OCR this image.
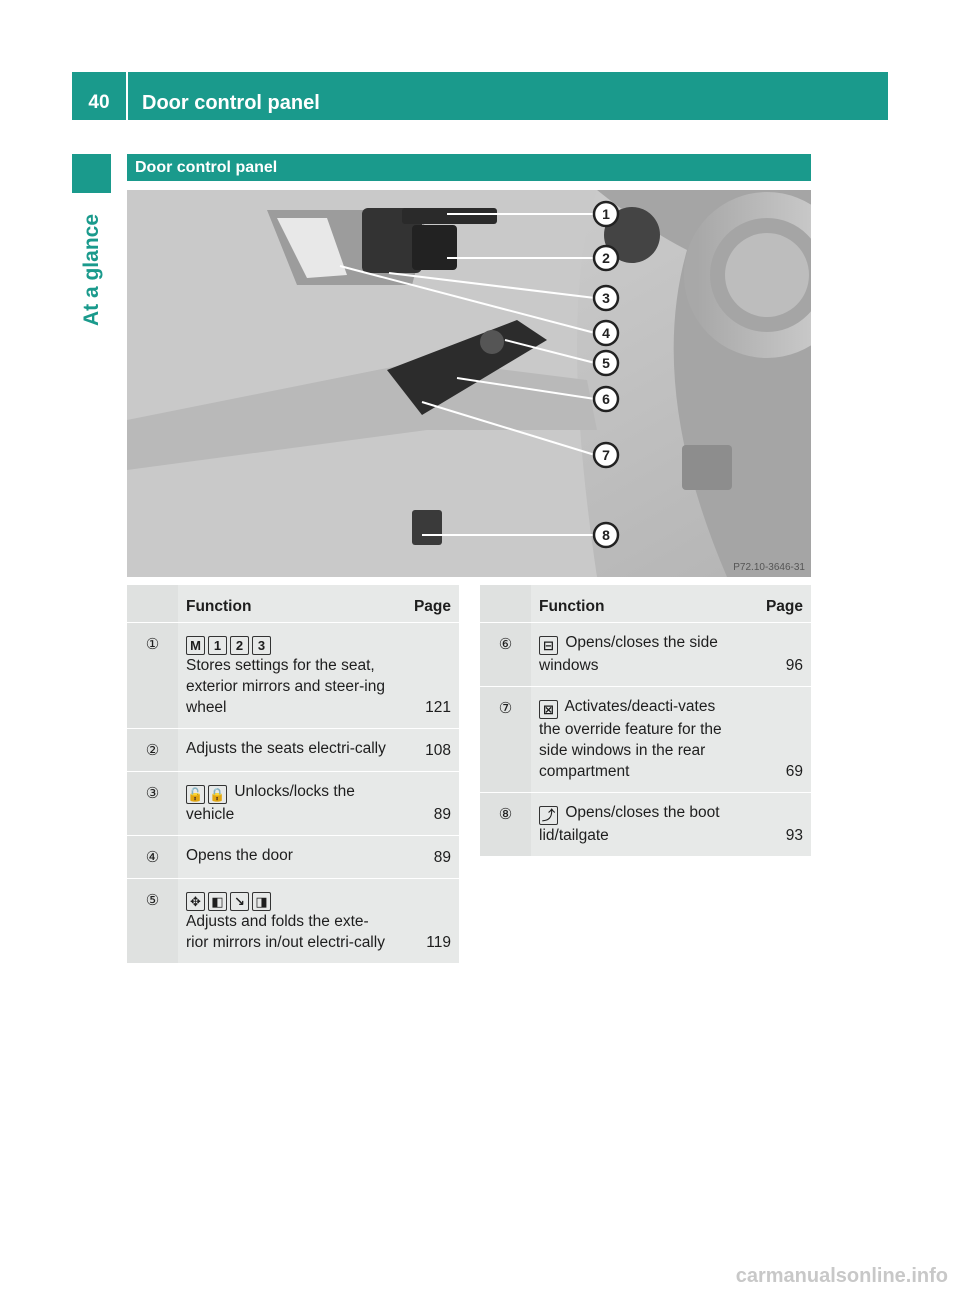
40	Door control panel
At a glance
Door control panel
1
2
3
4
5
6
7
8
P72.10-3646-31
	Function	Page
①	M 1 2 3
Stores settings for the seat, exterior mirrors and steer-ing wheel	121
②	Adjusts the seats electri-cally	108
③	🔓 🔒 Unlocks/locks the vehicle	89
④	Opens the door	89
⑤	✥ ◧ ↘ ◨
Adjusts and folds the exte-rior mirrors in/out electri-cally	119
	Function	Page
⑥	⊟ Opens/closes the side windows	96
⑦	⊠ Activates/deacti-vates the override feature for the side windows in the rear compartment	69
⑧	⤴ Opens/closes the boot lid/tailgate	93
carmanualsonline.info
